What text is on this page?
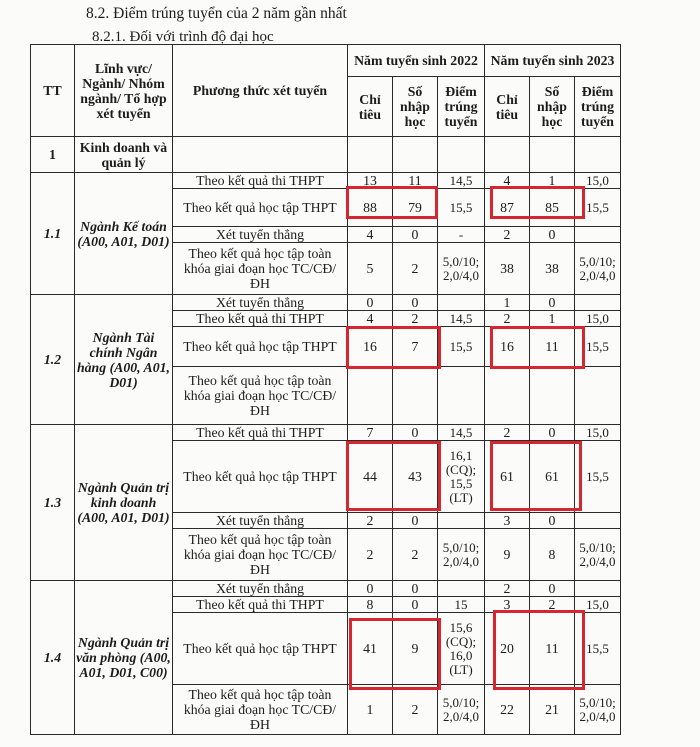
8.2. Điểm trúng tuyển của 2 năm gần nhất
8.2.1. Đối với trình độ đại học
TT	Lĩnh vực/ Ngành/ Nhóm ngành/ Tổ hợp xét tuyển	Phương thức xét tuyển	Năm tuyển sinh 2022			Năm tuyển sinh 2023		
			Chỉ tiêu	Số nhập học	Điểm trúng tuyển	Chỉ tiêu	Số nhập học	Điểm trúng tuyển
1	Kinh doanh và quản lý							
1.1	Ngành Kế toán (A00, A01, D01)	Theo kết quả thi THPT	13	11	14,5	4	1	15,0
		Theo kết quả học tập THPT	88	79	15,5	87	85	15,5
		Xét tuyển thẳng	4	0	-	2	0	
		Theo kết quả học tập toàn khóa giai đoạn học TC/CĐ/ĐH	5	2	5,0/10; 2,0/4,0	38	38	5,0/10; 2,0/4,0
1.2	Ngành Tài chính Ngân hàng (A00, A01, D01)	Xét tuyển thẳng	0	0		1	0	
		Theo kết quả thi THPT	4	2	14,5	2	1	15,0
		Theo kết quả học tập THPT	16	7	15,5	16	11	15,5
		Theo kết quả học tập toàn khóa giai đoạn học TC/CĐ/ĐH						
1.3	Ngành Quản trị kinh doanh (A00, A01, D01)	Theo kết quả thi THPT	7	0	14,5	2	0	15,0
		Theo kết quả học tập THPT	44	43	16,1 (CQ); 15,5 (LT)	61	61	15,5
		Xét tuyển thẳng	2	0		3	0	
		Theo kết quả học tập toàn khóa giai đoạn học TC/CĐ/ĐH	2	2	5,0/10; 2,0/4,0	9	8	5,0/10; 2,0/4,0
1.4	Ngành Quản trị văn phòng (A00, A01, D01, C00)	Xét tuyển thẳng	0	0		2	0	
		Theo kết quả thi THPT	8	0	15	3	2	15,0
		Theo kết quả học tập THPT	41	9	15,6 (CQ); 16,0 (LT)	20	11	15,5
		Theo kết quả học tập toàn khóa giai đoạn học TC/CĐ/ĐH	1	2	5,0/10; 2,0/4,0	22	21	5,0/10; 2,0/4,0
